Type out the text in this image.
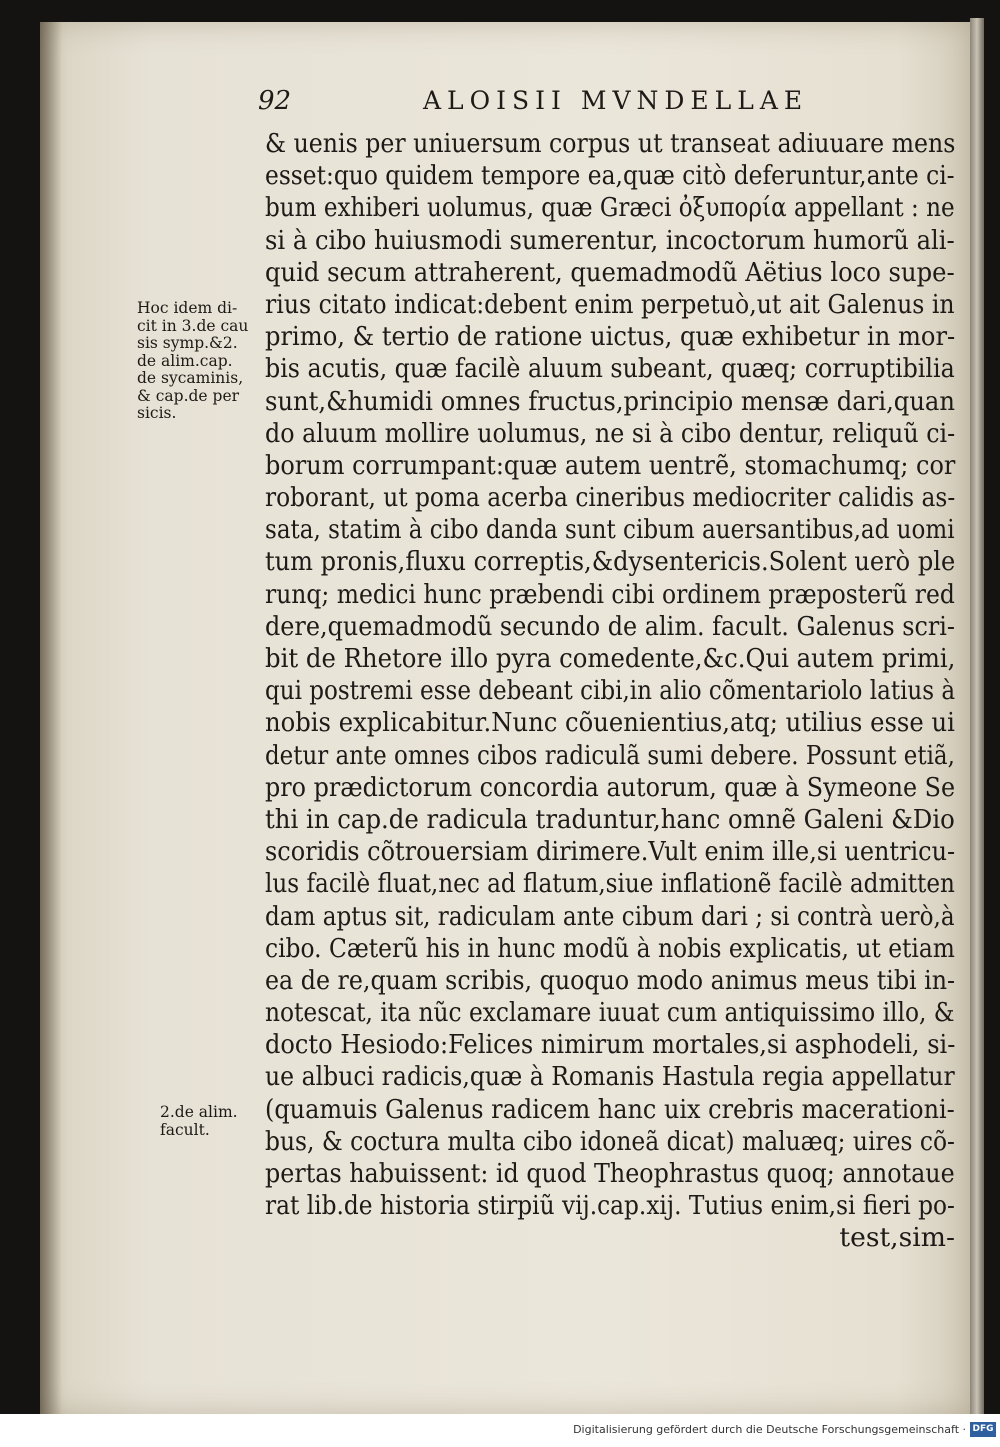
92	ALOISII MVNDELLAE
Hoc idem di-
cit in 3.de cau
sis symp.&2.
de alim.cap.
de sycaminis,
& cap.de per
sicis.
2.de alim.
facult.
& uenis per uniuersum corpus ut transeat adiuuare mens
esset:quo quidem tempore ea,quæ citò deferuntur,ante ci-
bum exhiberi uolumus, quæ Græci ὀξυπορία appellant : ne
si à cibo huiusmodi sumerentur, incoctorum humorũ ali-
quid secum attraherent, quemadmodũ Aëtius loco supe-
rius citato indicat:debent enim perpetuò,ut ait Galenus in
primo, & tertio de ratione uictus, quæ exhibetur in mor-
bis acutis, quæ facilè aluum subeant, quæq; corruptibilia
sunt,&humidi omnes fructus,principio mensæ dari,quan
do aluum mollire uolumus, ne si à cibo dentur, reliquũ ci-
borum corrumpant:quæ autem uentrẽ, stomachumq; cor
roborant, ut poma acerba cineribus mediocriter calidis as-
sata, statim à cibo danda sunt cibum auersantibus,ad uomi
tum pronis,fluxu correptis,&dysentericis.Solent uerò ple
runq; medici hunc præbendi cibi ordinem præposterũ red
dere,quemadmodũ secundo de alim. facult. Galenus scri-
bit de Rhetore illo pyra comedente,&c.Qui autem primi,
qui postremi esse debeant cibi,in alio cõmentariolo latius à
nobis explicabitur.Nunc cõuenientius,atq; utilius esse ui
detur ante omnes cibos radiculã sumi debere. Possunt etiã,
pro prædictorum concordia autorum, quæ à Symeone Se
thi in cap.de radicula traduntur,hanc omnẽ Galeni &Dio
scoridis cõtrouersiam dirimere.Vult enim ille,si uentricu-
lus facilè fluat,nec ad flatum,siue inflationẽ facilè admitten
dam aptus sit, radiculam ante cibum dari ; si contrà uerò,à
cibo. Cæterũ his in hunc modũ à nobis explicatis, ut etiam
ea de re,quam scribis, quoquo modo animus meus tibi in-
notescat, ita nũc exclamare iuuat cum antiquissimo illo, &
docto Hesiodo:Felices nimirum mortales,si asphodeli, si-
ue albuci radicis,quæ à Romanis Hastula regia appellatur
(quamuis Galenus radicem hanc uix crebris macerationi-
bus, & coctura multa cibo idoneã dicat) maluæq; uires cõ-
pertas habuissent: id quod Theophrastus quoq; annotaue
rat lib.de historia stirpiũ vij.cap.xij. Tutius enim,si fieri po-
test,sim-
Digitalisierung gefördert durch die Deutsche Forschungsgemeinschaft · DFG
